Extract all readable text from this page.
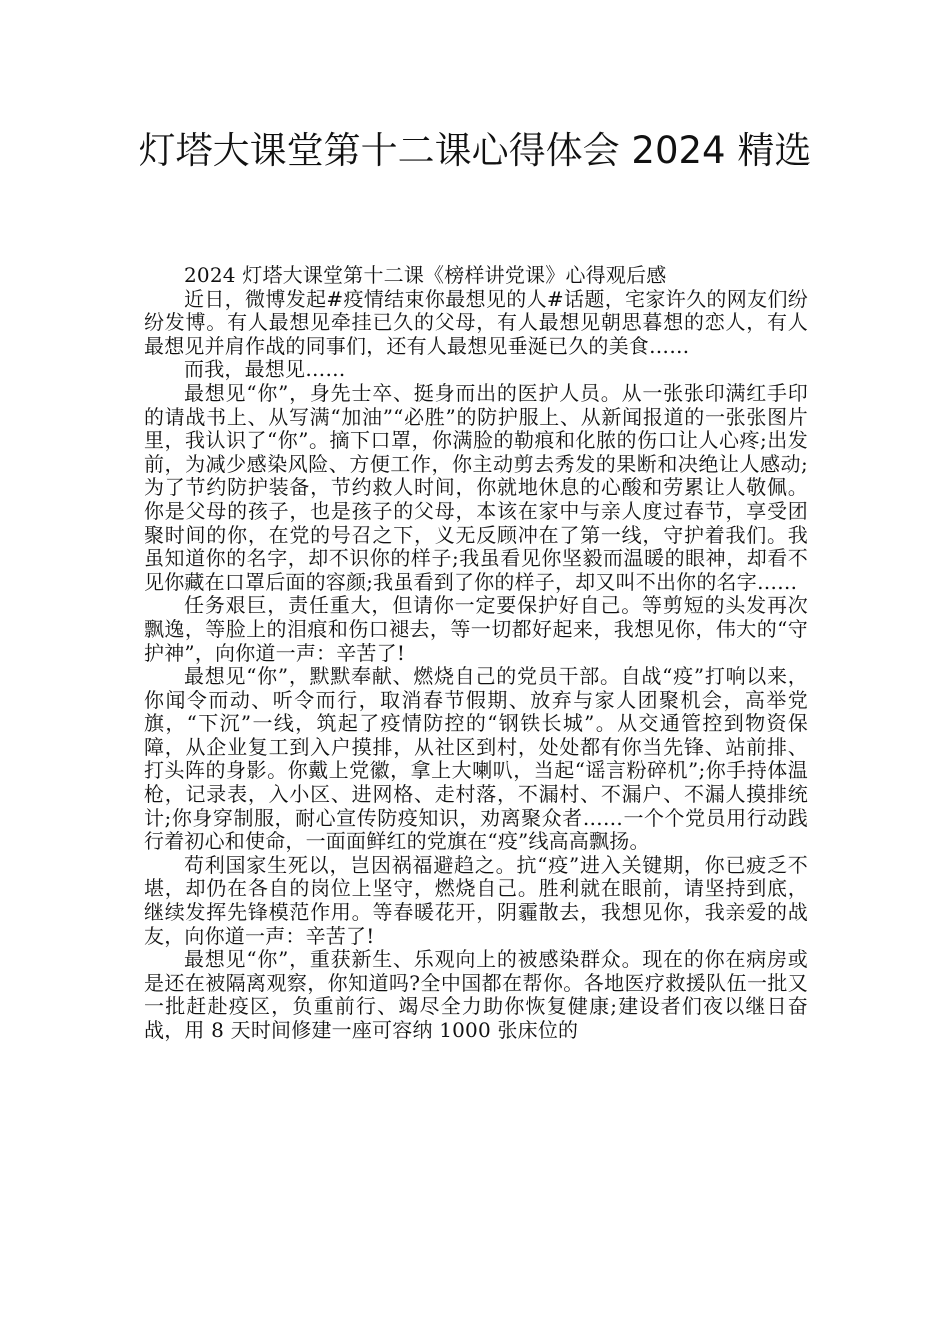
灯塔大课堂第十二课心得体会 2024 精选

2024 灯塔大课堂第十二课《榜样讲党课》心得观后感

近日，微博发起#疫情结束你最想见的人#话题，宅家许久的网友们纷纷发博。有人最想见牵挂已久的父母，有人最想见朝思暮想的恋人，有人最想见并肩作战的同事们，还有人最想见垂涎已久的美食……

而我，最想见……

最想见“你”，身先士卒、挺身而出的医护人员。从一张张印满红手印的请战书上、从写满“加油”“必胜”的防护服上、从新闻报道的一张张图片里，我认识了“你”。摘下口罩，你满脸的勒痕和化脓的伤口让人心疼;出发前，为减少感染风险、方便工作，你主动剪去秀发的果断和决绝让人感动;为了节约防护装备，节约救人时间，你就地休息的心酸和劳累让人敬佩。你是父母的孩子，也是孩子的父母，本该在家中与亲人度过春节，享受团聚时间的你，在党的号召之下，义无反顾冲在了第一线，守护着我们。我虽知道你的名字，却不识你的样子;我虽看见你坚毅而温暖的眼神，却看不见你藏在口罩后面的容颜;我虽看到了你的样子，却又叫不出你的名字……

任务艰巨，责任重大，但请你一定要保护好自己。等剪短的头发再次飘逸，等脸上的泪痕和伤口褪去，等一切都好起来，我想见你，伟大的“守护神”，向你道一声：辛苦了!

最想见“你”，默默奉献、燃烧自己的党员干部。自战“疫”打响以来，你闻令而动、听令而行，取消春节假期、放弃与家人团聚机会，高举党旗，“下沉”一线，筑起了疫情防控的“钢铁长城”。从交通管控到物资保障，从企业复工到入户摸排，从社区到村，处处都有你当先锋、站前排、打头阵的身影。你戴上党徽，拿上大喇叭，当起“谣言粉碎机”;你手持体温枪，记录表，入小区、进网格、走村落，不漏村、不漏户、不漏人摸排统计;你身穿制服，耐心宣传防疫知识，劝离聚众者……一个个党员用行动践行着初心和使命，一面面鲜红的党旗在“疫”线高高飘扬。

苟利国家生死以，岂因祸福避趋之。抗“疫”进入关键期，你已疲乏不堪，却仍在各自的岗位上坚守，燃烧自己。胜利就在眼前，请坚持到底，继续发挥先锋模范作用。等春暖花开，阴霾散去，我想见你，我亲爱的战友，向你道一声：辛苦了!

最想见“你”，重获新生、乐观向上的被感染群众。现在的你在病房或是还在被隔离观察，你知道吗?全中国都在帮你。各地医疗救援队伍一批又一批赶赴疫区，负重前行、竭尽全力助你恢复健康;建设者们夜以继日奋战，用 8 天时间修建一座可容纳 1000 张床位的
